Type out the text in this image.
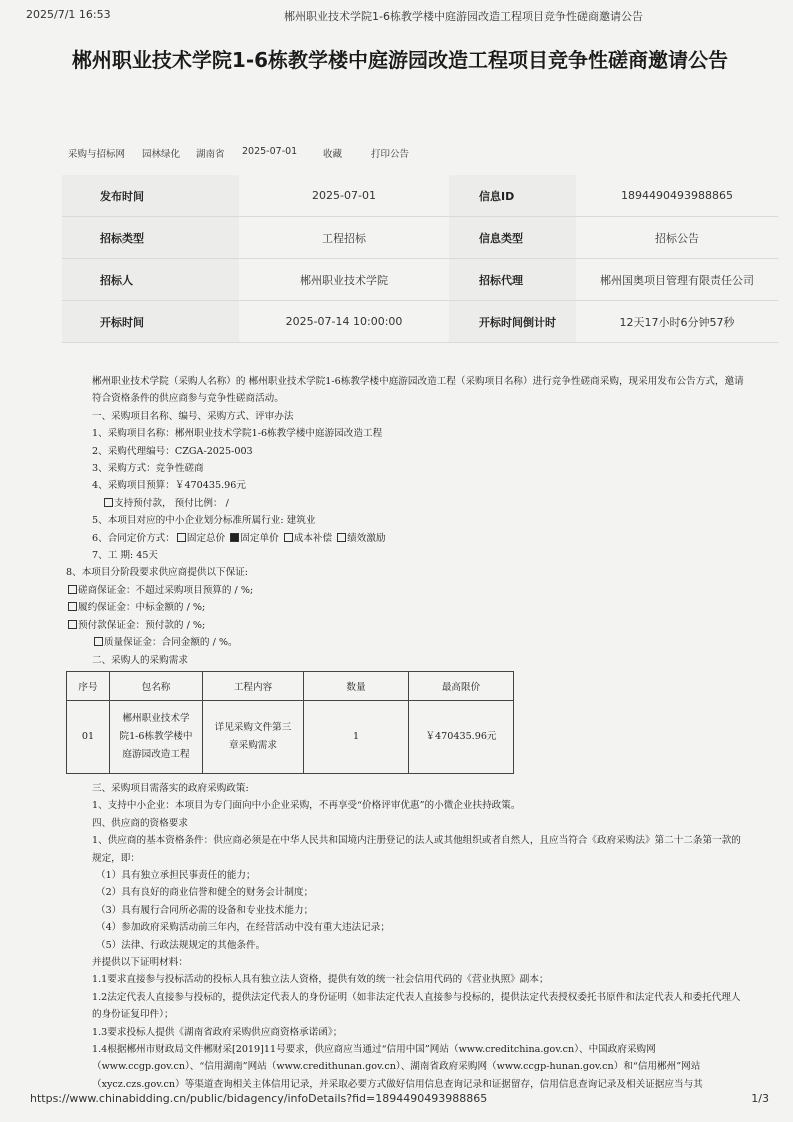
2025/7/1 16:53	郴州职业技术学院1-6栋教学楼中庭游园改造工程项目竞争性磋商邀请公告
郴州职业技术学院1-6栋教学楼中庭游园改造工程项目竞争性磋商邀请公告
采购与招标网 园林绿化 湖南省 2025-07-01	收藏	打印公告
发布时间	2025-07-01	信息ID	1894490493988865
招标类型	工程招标	信息类型	招标公告
招标人	郴州职业技术学院	招标代理	郴州国奥项目管理有限责任公司
开标时间	2025-07-14 10:00:00	开标时间倒计时	12天17小时6分钟57秒

郴州职业技术学院（采购人名称）的 郴州职业技术学院1-6栋教学楼中庭游园改造工程（采购项目名称）进行竞争性磋商采购，现采用发布公告方式，邀请符合资格条件的供应商参与竞争性磋商活动。

一、采购项目名称、编号、采购方式、评审办法

1、采购项目名称：郴州职业技术学院1-6栋教学楼中庭游园改造工程

2、采购代理编号：CZGA-2025-003

3、采购方式：竞争性磋商

4、采购项目预算：￥470435.96元

支持预付款， 预付比例： /

5、本项目对应的中小企业划分标准所属行业: 建筑业

6、合同定价方式： 固定总价 固定单价 成本补偿 绩效激励

7、工 期: 45天

8、本项目分阶段要求供应商提供以下保证:

磋商保证金：不超过采购项目预算的 / %;

履约保证金：中标金额的 / %;

预付款保证金：预付款的 / %;

质量保证金：合同金额的 / %。

二、采购人的采购需求

序号	包名称	工程内容	数量	最高限价
01	郴州职业技术学
院1-6栋教学楼中
庭游园改造工程	详见采购文件第三
章采购需求	1	￥470435.96元

三、采购项目需落实的政府采购政策:

1、支持中小企业：本项目为专门面向中小企业采购，不再享受“价格评审优惠”的小微企业扶持政策。

四、供应商的资格要求

1、供应商的基本资格条件：供应商必须是在中华人民共和国境内注册登记的法人或其他组织或者自然人，且应当符合《政府采购法》第二十二条第一款的规定，即：

（1）具有独立承担民事责任的能力；

（2）具有良好的商业信誉和健全的财务会计制度；

（3）具有履行合同所必需的设备和专业技术能力；

（4）参加政府采购活动前三年内，在经营活动中没有重大违法记录；

（5）法律、行政法规规定的其他条件。

并提供以下证明材料：

1.1要求直接参与投标活动的投标人具有独立法人资格，提供有效的统一社会信用代码的《营业执照》副本；

1.2法定代表人直接参与投标的，提供法定代表人的身份证明（如非法定代表人直接参与投标的，提供法定代表授权委托书原件和法定代表人和委托代理人的身份证复印件）；

1.3要求投标人提供《湖南省政府采购供应商资格承诺函》；

1.4根据郴州市财政局文件郴财采[2019]11号要求，供应商应当通过“信用中国”网站（www.creditchina.gov.cn）、中国政府采购网（www.ccgp.gov.cn）、“信用湖南”网站（www.credithunan.gov.cn）、湖南省政府采购网（www.ccgp-hunan.gov.cn）和“信用郴州”网站（xycz.czs.gov.cn）等渠道查询相关主体信用记录，并采取必要方式做好信用信息查询记录和证据留存，信用信息查询记录及相关证据应当与其

https://www.chinabidding.cn/public/bidagency/infoDetails?fid=1894490493988865	1/3
